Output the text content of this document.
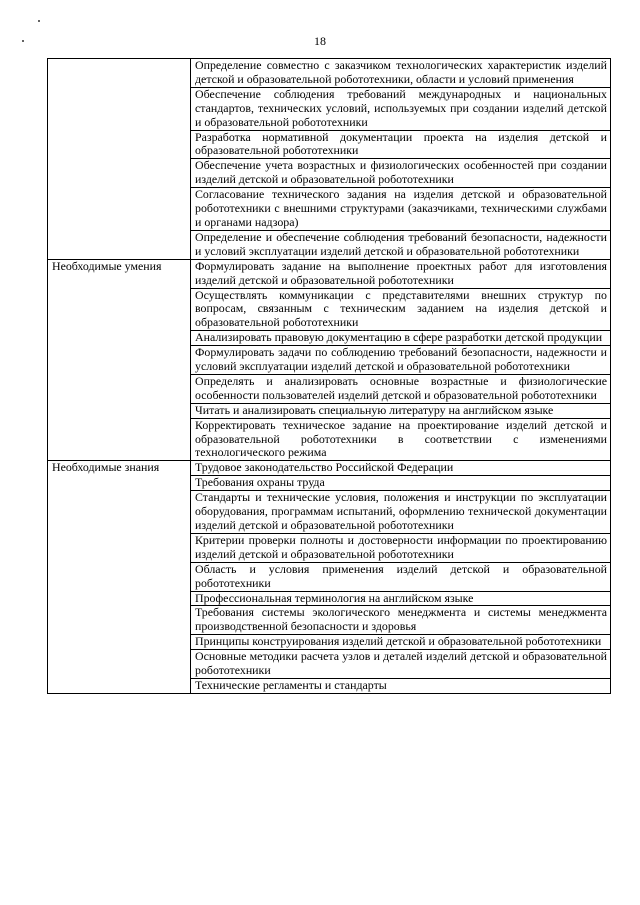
18
	Определение совместно с заказчиком технологических характеристик изделий детской и образовательной робототехники, области и условий применения
	Обеспечение соблюдения требований международных и национальных стандартов, технических условий, используемых при создании изделий детской и образовательной робототехники
	Разработка нормативной документации проекта на изделия детской и образовательной робототехники
	Обеспечение учета возрастных и физиологических особенностей при создании изделий детской и образовательной робототехники
	Согласование технического задания на изделия детской и образовательной робототехники с внешними структурами (заказчиками, техническими службами и органами надзора)
	Определение и обеспечение соблюдения требований безопасности, надежности и условий эксплуатации изделий детской и образовательной робототехники
Необходимые умения	Формулировать задание на выполнение проектных работ для изготовления изделий детской и образовательной робототехники
	Осуществлять коммуникации с представителями внешних структур по вопросам, связанным с техническим заданием на изделия детской и образовательной робототехники
	Анализировать правовую документацию в сфере разработки детской продукции
	Формулировать задачи по соблюдению требований безопасности, надежности и условий эксплуатации изделий детской и образовательной робототехники
	Определять и анализировать основные возрастные и физиологические особенности пользователей изделий детской и образовательной робототехники
	Читать и анализировать специальную литературу на английском языке
	Корректировать техническое задание на проектирование изделий детской и образовательной робототехники в соответствии с изменениями технологического режима
Необходимые знания	Трудовое законодательство Российской Федерации
	Требования охраны труда
	Стандарты и технические условия, положения и инструкции по эксплуатации оборудования, программам испытаний, оформлению технической документации изделий детской и образовательной робототехники
	Критерии проверки полноты и достоверности информации по проектированию изделий детской и образовательной робототехники
	Область и условия применения изделий детской и образовательной робототехники
	Профессиональная терминология на английском языке
	Требования системы экологического менеджмента и системы менеджмента производственной безопасности и здоровья
	Принципы конструирования изделий детской и образовательной робототехники
	Основные методики расчета узлов и деталей изделий детской и образовательной робототехники
	Технические регламенты и стандарты
